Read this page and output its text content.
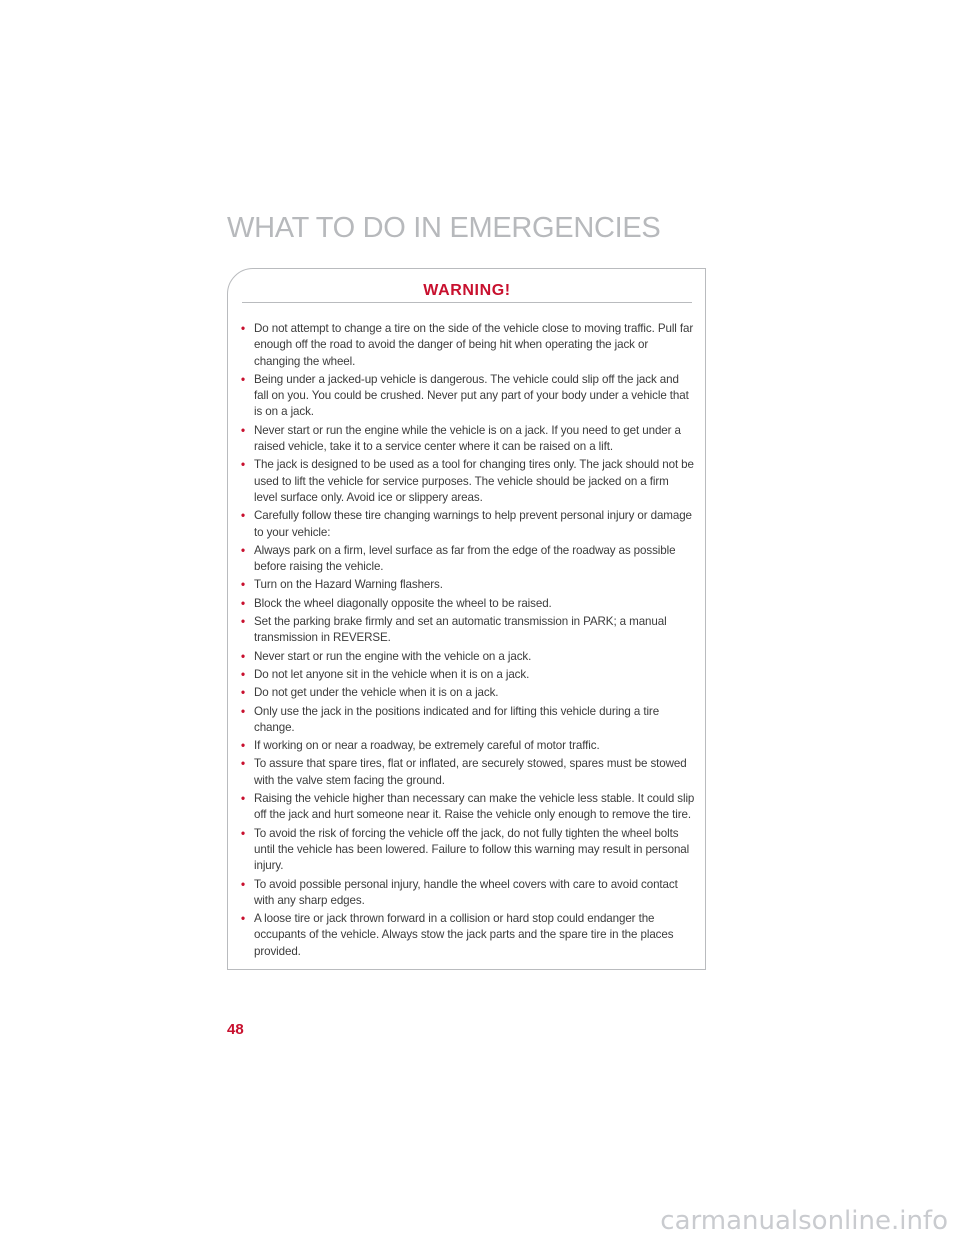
WHAT TO DO IN EMERGENCIES
WARNING!
• Do not attempt to change a tire on the side of the vehicle close to moving traffic. Pull far enough off the road to avoid the danger of being hit when operating the jack or changing the wheel.
• Being under a jacked-up vehicle is dangerous. The vehicle could slip off the jack and fall on you. You could be crushed. Never put any part of your body under a vehicle that is on a jack.
• Never start or run the engine while the vehicle is on a jack. If you need to get under a raised vehicle, take it to a service center where it can be raised on a lift.
• The jack is designed to be used as a tool for changing tires only. The jack should not be used to lift the vehicle for service purposes. The vehicle should be jacked on a firm level surface only. Avoid ice or slippery areas.
• Carefully follow these tire changing warnings to help prevent personal injury or damage to your vehicle:
• Always park on a firm, level surface as far from the edge of the roadway as possible before raising the vehicle.
• Turn on the Hazard Warning flashers.
• Block the wheel diagonally opposite the wheel to be raised.
• Set the parking brake firmly and set an automatic transmission in PARK; a manual transmission in REVERSE.
• Never start or run the engine with the vehicle on a jack.
• Do not let anyone sit in the vehicle when it is on a jack.
• Do not get under the vehicle when it is on a jack.
• Only use the jack in the positions indicated and for lifting this vehicle during a tire change.
• If working on or near a roadway, be extremely careful of motor traffic.
• To assure that spare tires, flat or inflated, are securely stowed, spares must be stowed with the valve stem facing the ground.
• Raising the vehicle higher than necessary can make the vehicle less stable. It could slip off the jack and hurt someone near it. Raise the vehicle only enough to remove the tire.
• To avoid the risk of forcing the vehicle off the jack, do not fully tighten the wheel bolts until the vehicle has been lowered. Failure to follow this warning may result in personal injury.
• To avoid possible personal injury, handle the wheel covers with care to avoid contact with any sharp edges.
• A loose tire or jack thrown forward in a collision or hard stop could endanger the occupants of the vehicle. Always stow the jack parts and the spare tire in the places provided.
48
carmanualsonline.info
